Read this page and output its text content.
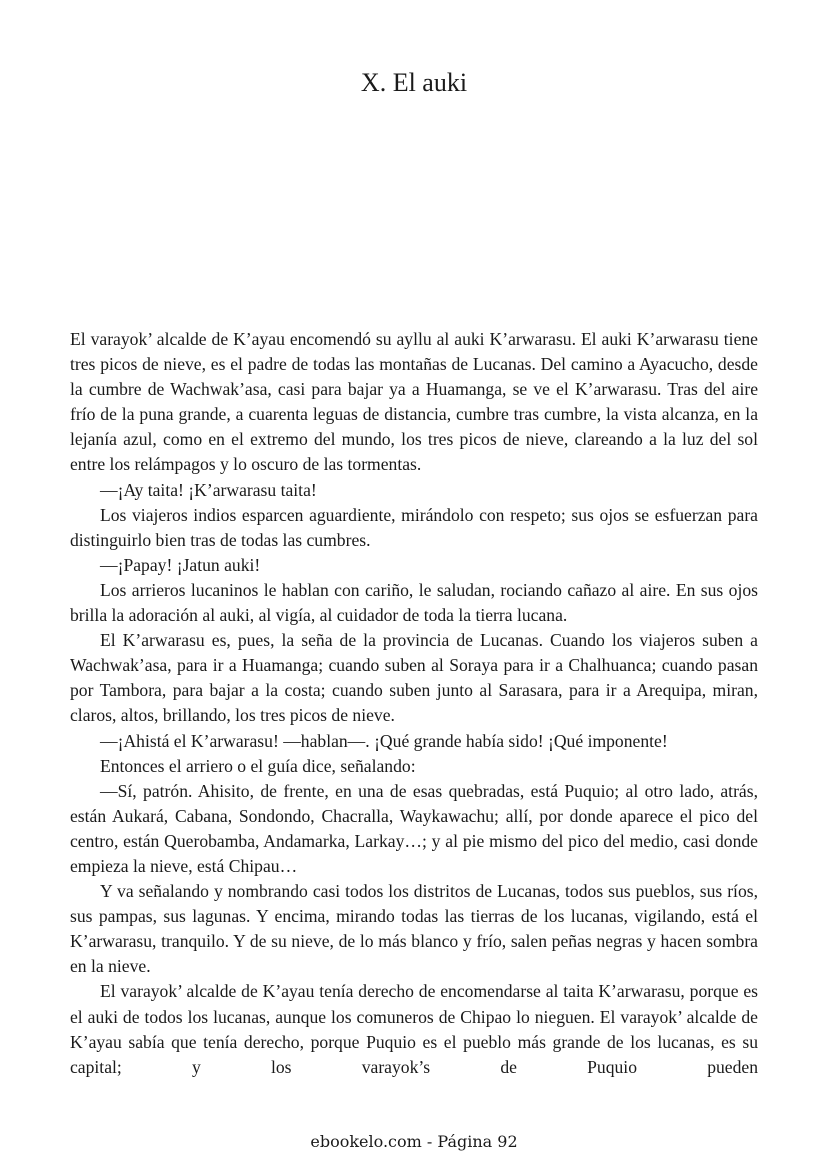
X. El auki

El varayok’ alcalde de K’ayau encomendó su ayllu al auki K’arwarasu. El auki K’arwarasu tiene tres picos de nieve, es el padre de todas las montañas de Lucanas. Del camino a Ayacucho, desde la cumbre de Wachwak’asa, casi para bajar ya a Huamanga, se ve el K’arwarasu. Tras del aire frío de la puna grande, a cuarenta leguas de distancia, cumbre tras cumbre, la vista alcanza, en la lejanía azul, como en el extremo del mundo, los tres picos de nieve, clareando a la luz del sol entre los relámpagos y lo oscuro de las tormentas.

—¡Ay taita! ¡K’arwarasu taita!

Los viajeros indios esparcen aguardiente, mirándolo con respeto; sus ojos se esfuerzan para distinguirlo bien tras de todas las cumbres.

—¡Papay! ¡Jatun auki!

Los arrieros lucaninos le hablan con cariño, le saludan, rociando cañazo al aire. En sus ojos brilla la adoración al auki, al vigía, al cuidador de toda la tierra lucana.

El K’arwarasu es, pues, la seña de la provincia de Lucanas. Cuando los viajeros suben a Wachwak’asa, para ir a Huamanga; cuando suben al Soraya para ir a Chalhuanca; cuando pasan por Tambora, para bajar a la costa; cuando suben junto al Sarasara, para ir a Arequipa, miran, claros, altos, brillando, los tres picos de nieve.

—¡Ahistá el K’arwarasu! —hablan—. ¡Qué grande había sido! ¡Qué imponente!

Entonces el arriero o el guía dice, señalando:

—Sí, patrón. Ahisito, de frente, en una de esas quebradas, está Puquio; al otro lado, atrás, están Aukará, Cabana, Sondondo, Chacralla, Waykawachu; allí, por donde aparece el pico del centro, están Querobamba, Andamarka, Larkay…; y al pie mismo del pico del medio, casi donde empieza la nieve, está Chipau…

Y va señalando y nombrando casi todos los distritos de Lucanas, todos sus pueblos, sus ríos, sus pampas, sus lagunas. Y encima, mirando todas las tierras de los lucanas, vigilando, está el K’arwarasu, tranquilo. Y de su nieve, de lo más blanco y frío, salen peñas negras y hacen sombra en la nieve.

El varayok’ alcalde de K’ayau tenía derecho de encomendarse al taita K’arwarasu, porque es el auki de todos los lucanas, aunque los comuneros de Chipao lo nieguen. El varayok’ alcalde de K’ayau sabía que tenía derecho, porque Puquio es el pueblo más grande de los lucanas, es su capital; y los varayok’s de Puquio pueden

ebookelo.com - Página 92
